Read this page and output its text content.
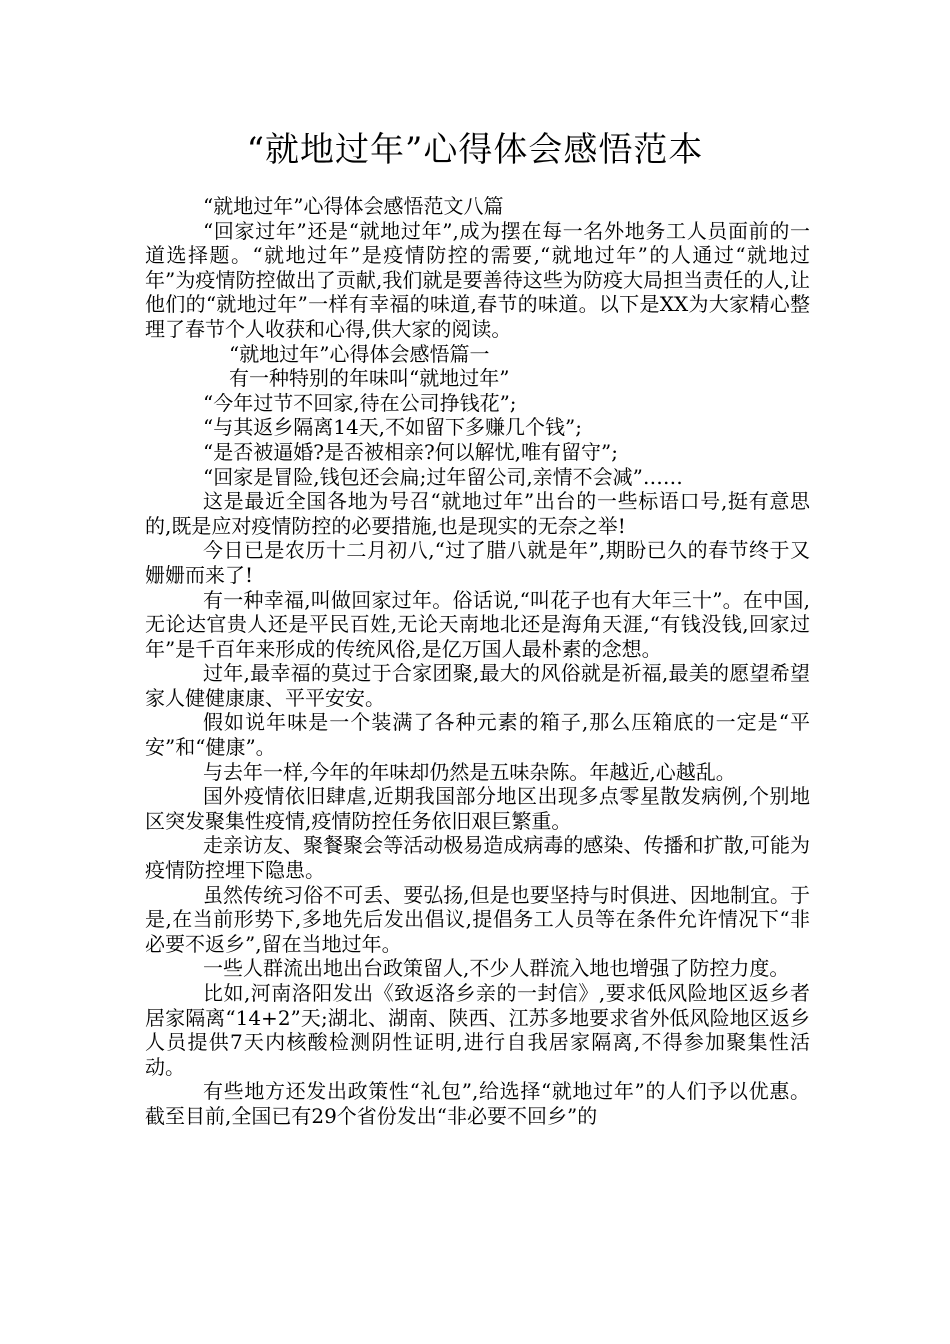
“就地过年”心得体会感悟范本

“就地过年”心得体会感悟范文八篇

“回家过年”还是“就地过年”,成为摆在每一名外地务工人员面前的一道选择题。“就地过年”是疫情防控的需要,“就地过年”的人通过“就地过年”为疫情防控做出了贡献,我们就是要善待这些为防疫大局担当责任的人,让他们的“就地过年”一样有幸福的味道,春节的味道。以下是XX为大家精心整理了春节个人收获和心得,供大家的阅读。

“就地过年”心得体会感悟篇一

有一种特别的年味叫“就地过年”

“今年过节不回家,待在公司挣钱花”;

“与其返乡隔离14天,不如留下多赚几个钱”;

“是否被逼婚?是否被相亲?何以解忧,唯有留守”;

“回家是冒险,钱包还会扁;过年留公司,亲情不会减”……

这是最近全国各地为号召“就地过年”出台的一些标语口号,挺有意思的,既是应对疫情防控的必要措施,也是现实的无奈之举!

今日已是农历十二月初八,“过了腊八就是年”,期盼已久的春节终于又姗姗而来了!

有一种幸福,叫做回家过年。俗话说,“叫花子也有大年三十”。在中国,无论达官贵人还是平民百姓,无论天南地北还是海角天涯,“有钱没钱,回家过年”是千百年来形成的传统风俗,是亿万国人最朴素的念想。

过年,最幸福的莫过于合家团聚,最大的风俗就是祈福,最美的愿望希望家人健健康康、平平安安。

假如说年味是一个装满了各种元素的箱子,那么压箱底的一定是“平安”和“健康”。

与去年一样,今年的年味却仍然是五味杂陈。年越近,心越乱。

国外疫情依旧肆虐,近期我国部分地区出现多点零星散发病例,个别地区突发聚集性疫情,疫情防控任务依旧艰巨繁重。

走亲访友、聚餐聚会等活动极易造成病毒的感染、传播和扩散,可能为疫情防控埋下隐患。

虽然传统习俗不可丢、要弘扬,但是也要坚持与时俱进、因地制宜。于是,在当前形势下,多地先后发出倡议,提倡务工人员等在条件允许情况下“非必要不返乡”,留在当地过年。

一些人群流出地出台政策留人,不少人群流入地也增强了防控力度。

比如,河南洛阳发出《致返洛乡亲的一封信》,要求低风险地区返乡者居家隔离“14+2”天;湖北、湖南、陕西、江苏多地要求省外低风险地区返乡人员提供7天内核酸检测阴性证明,进行自我居家隔离,不得参加聚集性活动。

有些地方还发出政策性“礼包”,给选择“就地过年”的人们予以优惠。截至目前,全国已有29个省份发出“非必要不回乡”的
